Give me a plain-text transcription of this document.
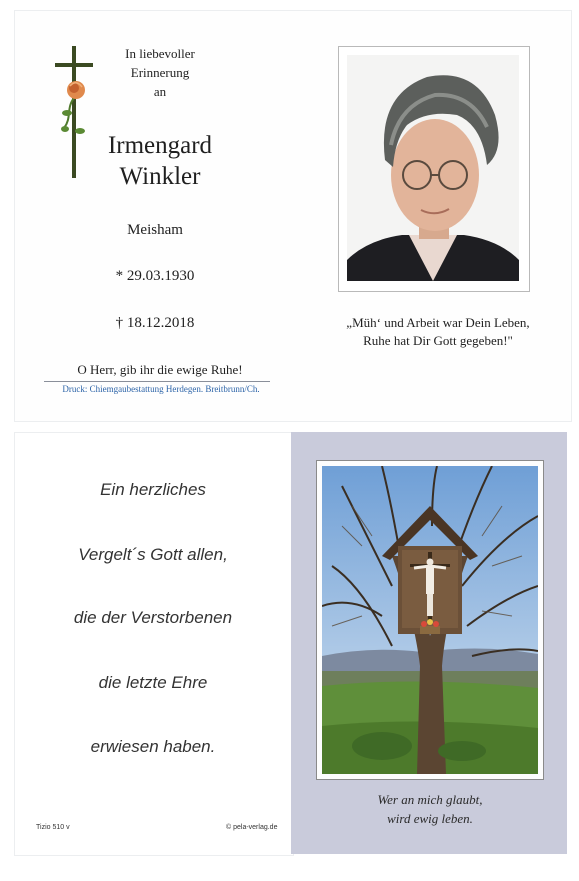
In liebevoller
Erinnerung
an
Irmengard
Winkler
Meisham
* 29.03.1930
† 18.12.2018
O Herr, gib ihr die ewige Ruhe!
Druck: Chiemgaubestattung Herdegen. Breitbrunn/Ch.
„Müh‘ und Arbeit war Dein Leben,
Ruhe hat Dir Gott gegeben!"
Ein herzliches
Vergelt´s Gott allen,
die der Verstorbenen
die letzte Ehre
erwiesen haben.
Tizio 510 v	© pela-verlag.de
Wer an mich glaubt,
wird ewig leben.
